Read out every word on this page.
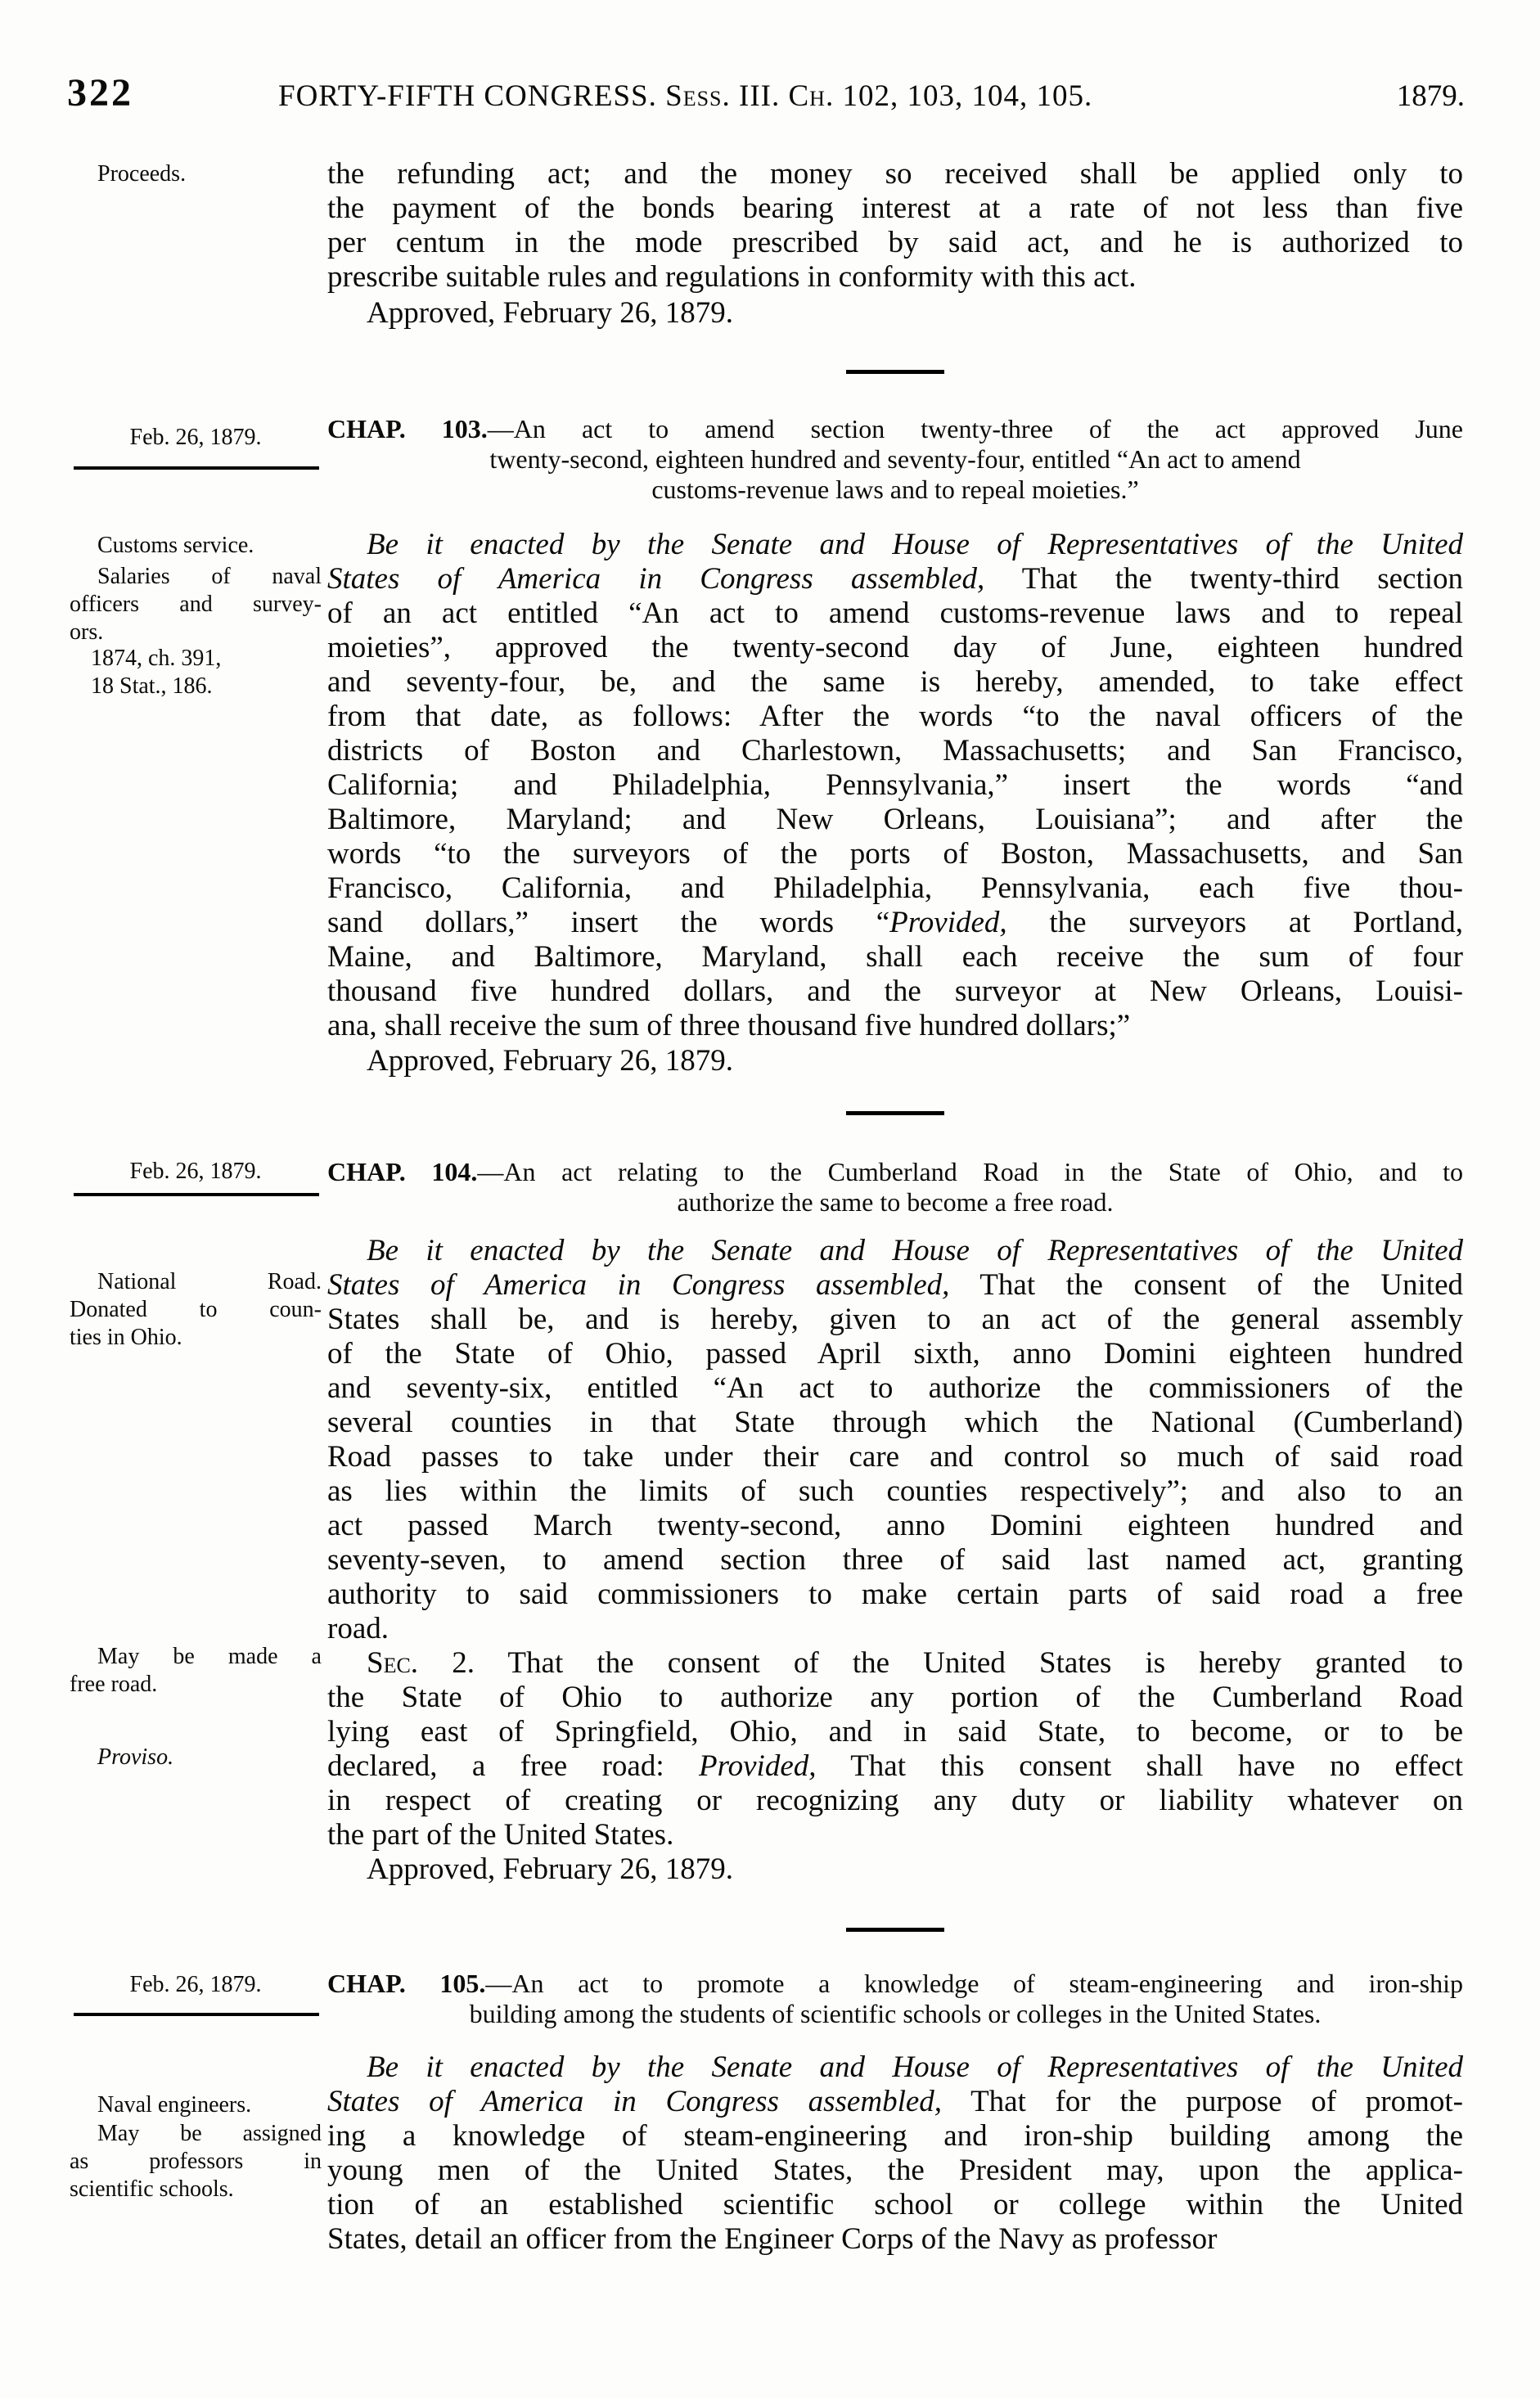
322	FORTY-FIFTH CONGRESS. Sess. III. Ch. 102, 103, 104, 105.	1879.
Proceeds.	the refunding act; and the money so received shall be applied only to
the payment of the bonds bearing interest at a rate of not less than five
per centum in the mode prescribed by said act, and he is authorized to
prescribe suitable rules and regulations in conformity with this act.
Approved, February 26, 1879.
Feb. 26, 1879.	CHAP. 103.—An act to amend section twenty-three of the act approved June
twenty-second, eighteen hundred and seventy-four, entitled “An act to amend
customs-revenue laws and to repeal moieties.”
Customs service.
Salaries of naval
officers and survey-
ors.
1874, ch. 391,
18 Stat., 186.
Be it enacted by the Senate and House of Representatives of the United
States of America in Congress assembled, That the twenty-third section
of an act entitled “An act to amend customs-revenue laws and to repeal
moieties”, approved the twenty-second day of June, eighteen hundred
and seventy-four, be, and the same is hereby, amended, to take effect
from that date, as follows: After the words “to the naval officers of the
districts of Boston and Charlestown, Massachusetts; and San Francisco,
California; and Philadelphia, Pennsylvania,” insert the words “and
Baltimore, Maryland; and New Orleans, Louisiana”; and after the
words “to the surveyors of the ports of Boston, Massachusetts, and San
Francisco, California, and Philadelphia, Pennsylvania, each five thou-
sand dollars,” insert the words “Provided, the surveyors at Portland,
Maine, and Baltimore, Maryland, shall each receive the sum of four
thousand five hundred dollars, and the surveyor at New Orleans, Louisi-
ana, shall receive the sum of three thousand five hundred dollars;”
Approved, February 26, 1879.
Feb. 26, 1879.	CHAP. 104.—An act relating to the Cumberland Road in the State of Ohio, and to
authorize the same to become a free road.
National Road.
Donated to coun-
ties in Ohio.
Be it enacted by the Senate and House of Representatives of the United
States of America in Congress assembled, That the consent of the United
States shall be, and is hereby, given to an act of the general assembly
of the State of Ohio, passed April sixth, anno Domini eighteen hundred
and seventy-six, entitled “An act to authorize the commissioners of the
several counties in that State through which the National (Cumberland)
Road passes to take under their care and control so much of said road
as lies within the limits of such counties respectively”; and also to an
act passed March twenty-second, anno Domini eighteen hundred and
seventy-seven, to amend section three of said last named act, granting
authority to said commissioners to make certain parts of said road a free
road.
May be made a
free road.
Proviso.
Sec. 2. That the consent of the United States is hereby granted to
the State of Ohio to authorize any portion of the Cumberland Road
lying east of Springfield, Ohio, and in said State, to become, or to be
declared, a free road: Provided, That this consent shall have no effect
in respect of creating or recognizing any duty or liability whatever on
the part of the United States.
Approved, February 26, 1879.
Feb. 26, 1879.	CHAP. 105.—An act to promote a knowledge of steam-engineering and iron-ship
building among the students of scientific schools or colleges in the United States.
Naval engineers.
May be assigned
as professors in
scientific schools.
Be it enacted by the Senate and House of Representatives of the United
States of America in Congress assembled, That for the purpose of promot-
ing a knowledge of steam-engineering and iron-ship building among the
young men of the United States, the President may, upon the applica-
tion of an established scientific school or college within the United
States, detail an officer from the Engineer Corps of the Navy as professor
